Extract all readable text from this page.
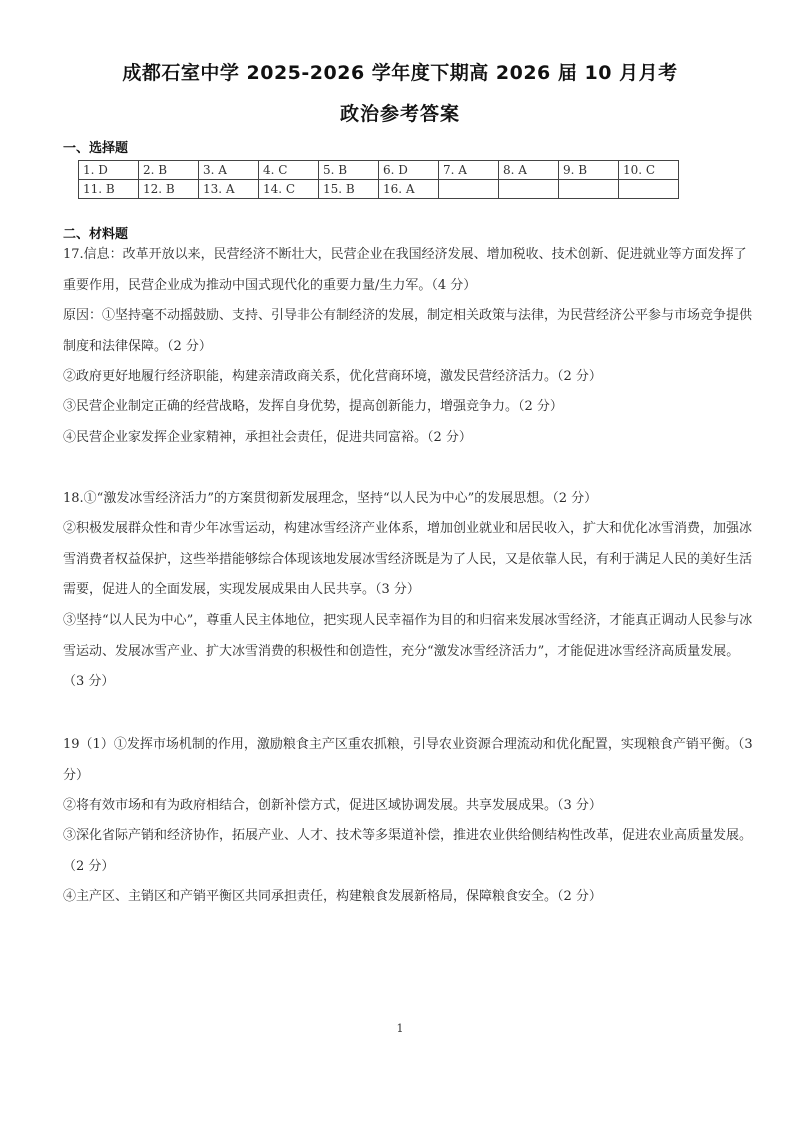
成都石室中学 2025-2026 学年度下期高 2026 届 10 月月考
政治参考答案
一、选择题
1. D	2. B	3. A	4. C	5. B	6. D	7. A	8. A	9. B	10. C
11. B	12. B	13. A	14. C	15. B	16. A				
二、材料题

17.信息：改革开放以来，民营经济不断壮大，民营企业在我国经济发展、增加税收、技术创新、促进就业等方面发挥了重要作用，民营企业成为推动中国式现代化的重要力量/生力军。（4 分）

原因：①坚持毫不动摇鼓励、支持、引导非公有制经济的发展，制定相关政策与法律，为民营经济公平参与市场竞争提供制度和法律保障。（2 分）

②政府更好地履行经济职能，构建亲清政商关系，优化营商环境，激发民营经济活力。（2 分）

③民营企业制定正确的经营战略，发挥自身优势，提高创新能力，增强竞争力。（2 分）

④民营企业家发挥企业家精神，承担社会责任，促进共同富裕。（2 分）

18.①“激发冰雪经济活力”的方案贯彻新发展理念，坚持“以人民为中心”的发展思想。（2 分）

②积极发展群众性和青少年冰雪运动，构建冰雪经济产业体系，增加创业就业和居民收入，扩大和优化冰雪消费，加强冰雪消费者权益保护，这些举措能够综合体现该地发展冰雪经济既是为了人民，又是依靠人民，有利于满足人民的美好生活需要，促进人的全面发展，实现发展成果由人民共享。（3 分）

③坚持“以人民为中心”，尊重人民主体地位，把实现人民幸福作为目的和归宿来发展冰雪经济，才能真正调动人民参与冰雪运动、发展冰雪产业、扩大冰雪消费的积极性和创造性，充分“激发冰雪经济活力”，才能促进冰雪经济高质量发展。（3 分）

19（1）①发挥市场机制的作用，激励粮食主产区重农抓粮，引导农业资源合理流动和优化配置，实现粮食产销平衡。（3 分）

②将有效市场和有为政府相结合，创新补偿方式，促进区域协调发展。共享发展成果。（3 分）

③深化省际产销和经济协作，拓展产业、人才、技术等多渠道补偿，推进农业供给侧结构性改革，促进农业高质量发展。（2 分）

④主产区、主销区和产销平衡区共同承担责任，构建粮食发展新格局，保障粮食安全。（2 分）

1
